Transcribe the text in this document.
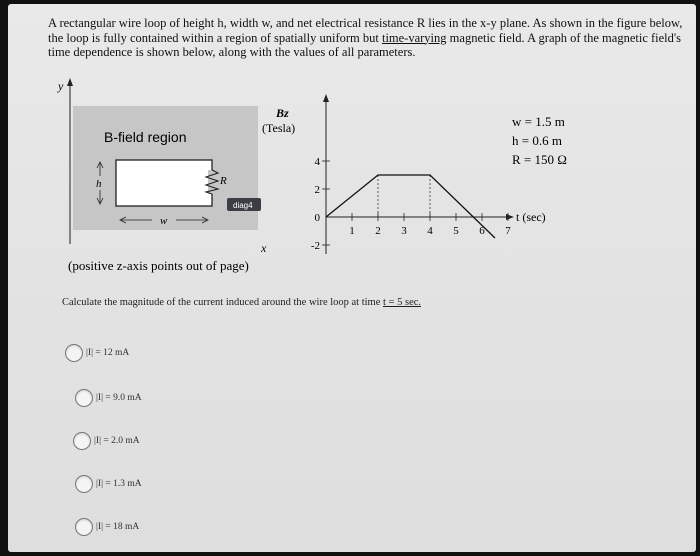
A rectangular wire loop of height h, width w, and net electrical resistance R lies in the x-y plane. As shown in the figure below, the loop is fully contained within a region of spatially uniform but time-varying magnetic field. A graph of the magnetic field's time dependence is shown below, along with the values of all parameters.
y
B-field region
R
h
w
diag4
x
(positive z-axis points out of page)
Bz
(Tesla)
t (sec)
4
2
0
-2
1 2 3 4 5 6 7
w = 1.5 m
h = 0.6 m
R = 150 Ω
Calculate the magnitude of the current induced around the wire loop at time t = 5 sec.
|I| = 12 mA
|I| = 9.0 mA
|I| = 2.0 mA
|I| = 1.3 mA
|I| = 18 mA
